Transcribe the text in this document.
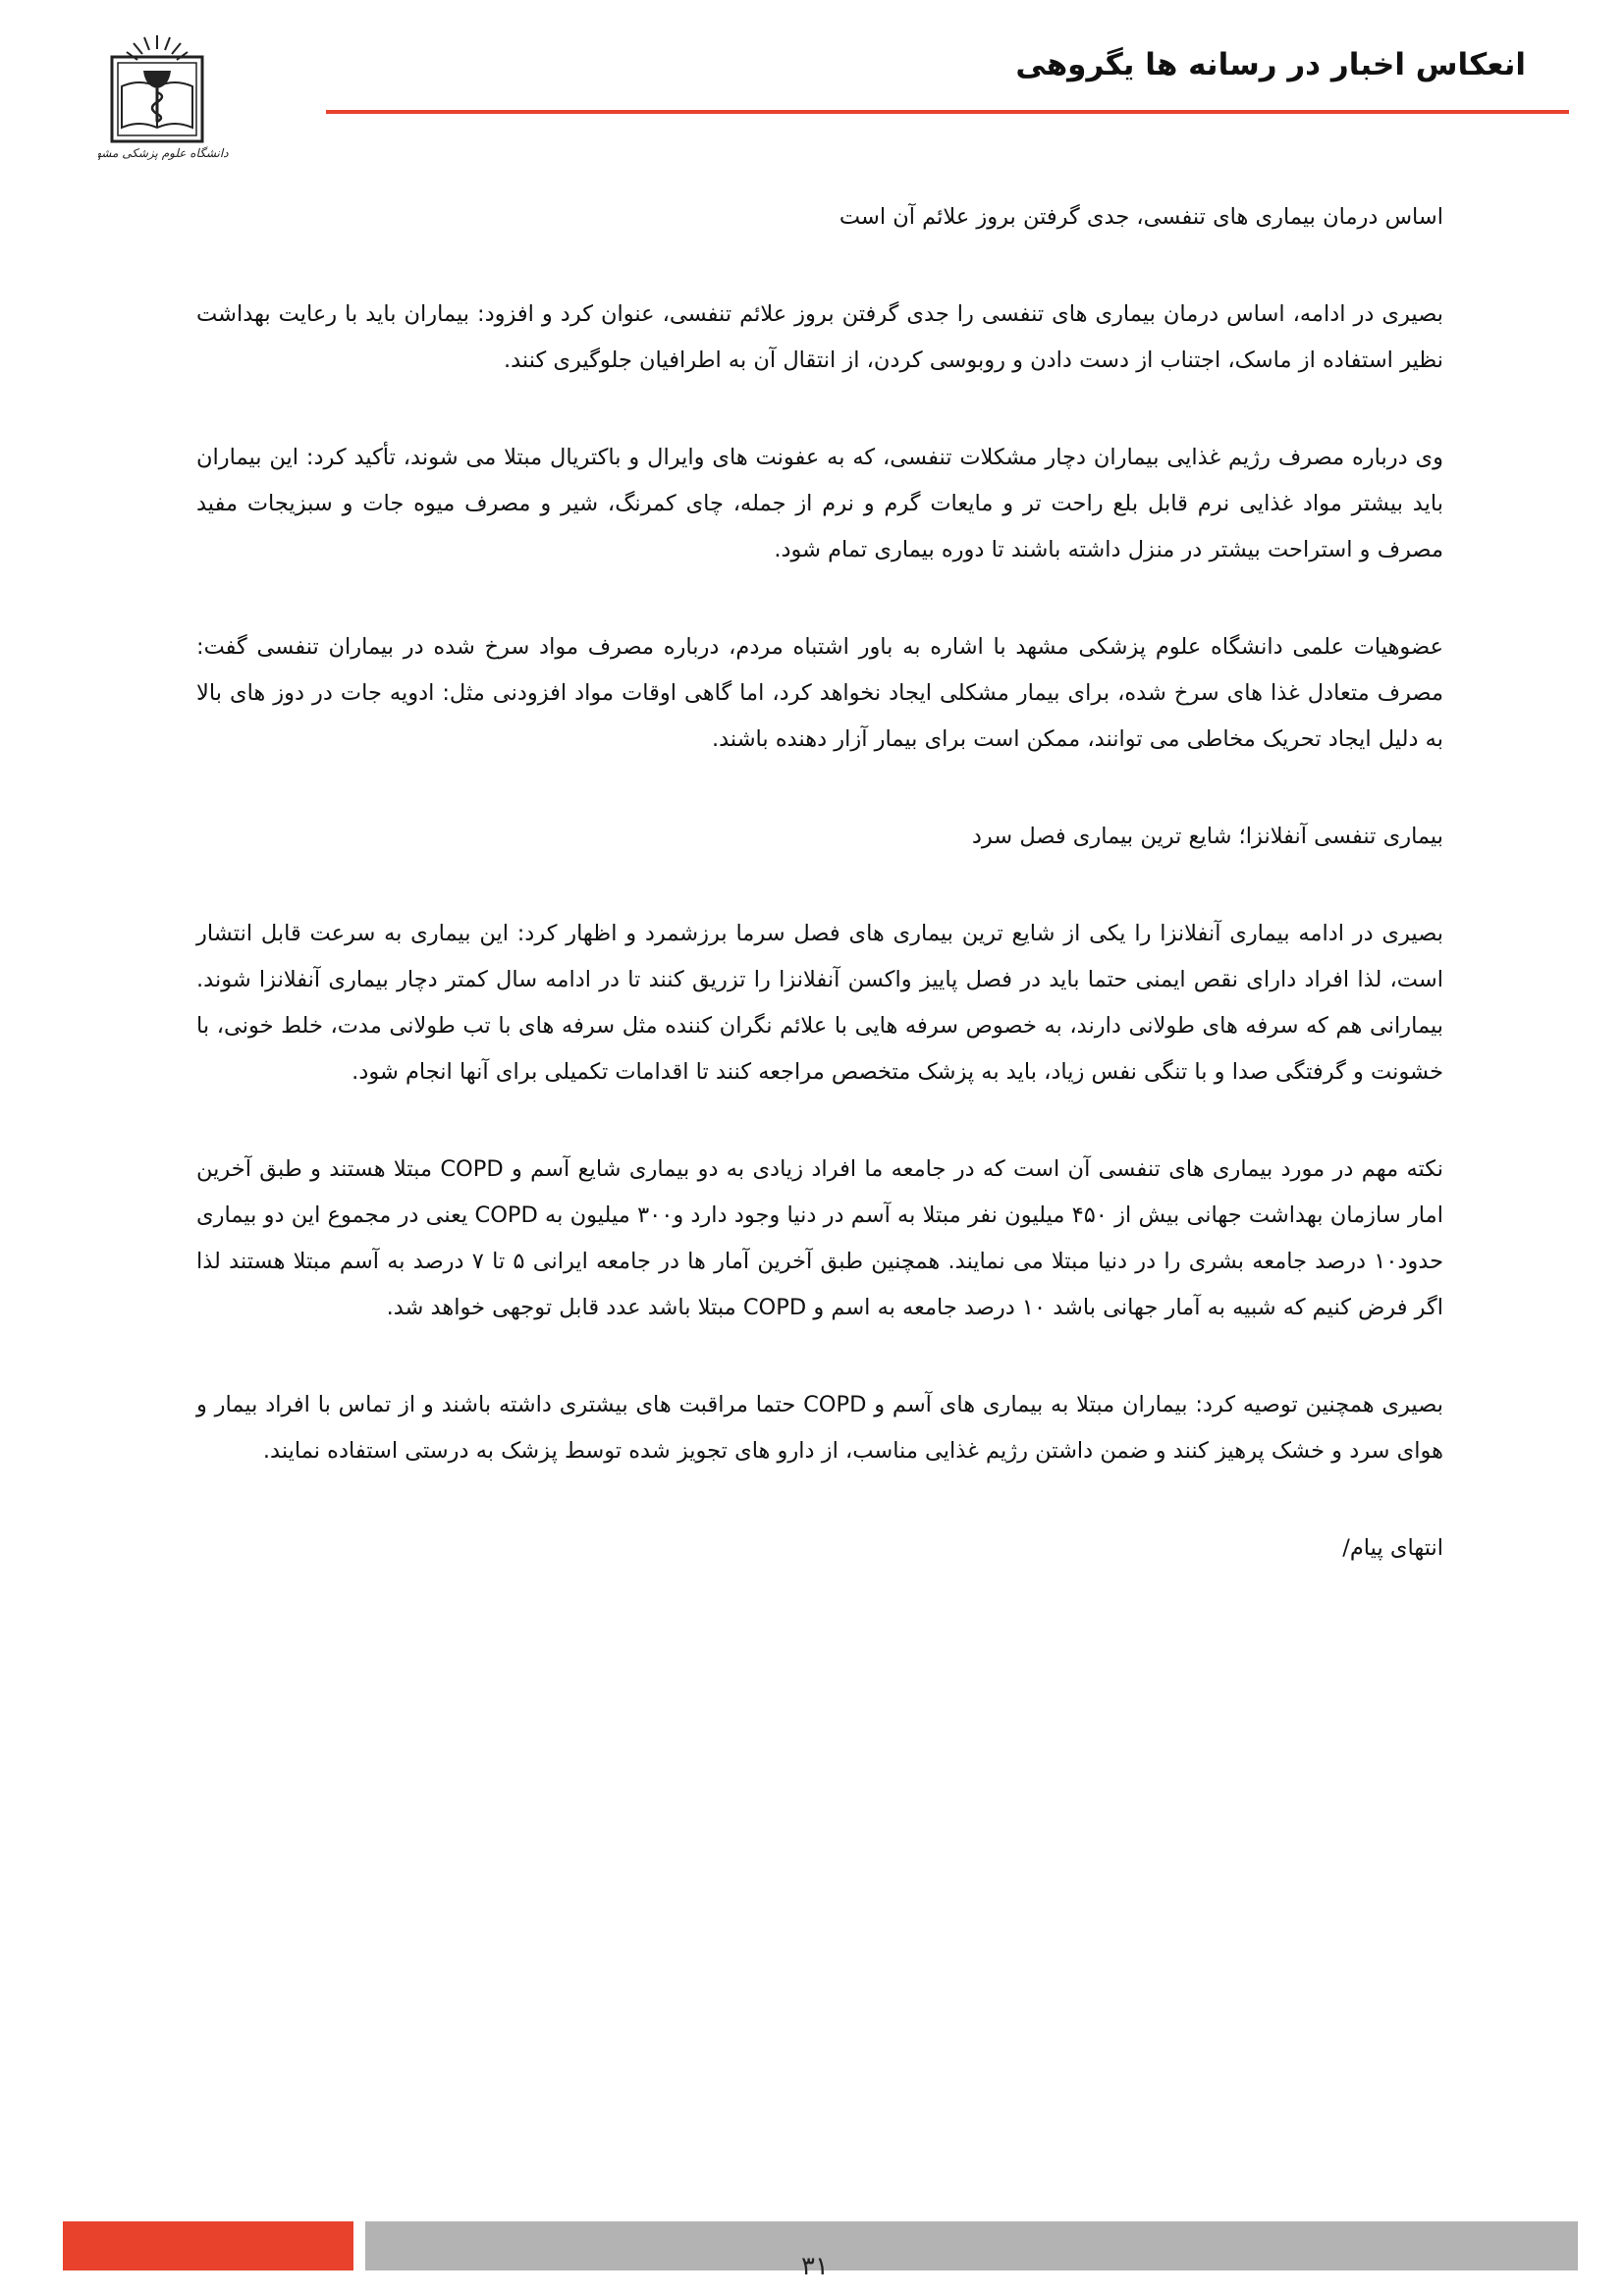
دانشگاه علوم پزشکی مشهد
انعکاس اخبار در رسانه ها یگروهی

اساس درمان بیماری های تنفسی، جدی گرفتن بروز علائم آن است

بصیری در ادامه، اساس درمان بیماری های تنفسی را جدی گرفتن بروز علائم تنفسی، عنوان کرد و افزود: بیماران باید با رعایت بهداشت نظیر استفاده از ماسک، اجتناب از دست دادن و روبوسی کردن، از انتقال آن به اطرافیان جلوگیری کنند.

وی درباره مصرف رژیم غذایی بیماران دچار مشکلات تنفسی، که به عفونت های وایرال و باکتریال مبتلا می شوند، تأکید کرد: این بیماران باید بیشتر مواد غذایی نرم قابل بلع راحت تر و مایعات گرم و نرم از جمله، چای کمرنگ، شیر و مصرف میوه جات و سبزیجات مفید مصرف و استراحت بیشتر در منزل داشته باشند تا دوره بیماری تمام شود.

عضوهیات علمی دانشگاه علوم پزشکی مشهد با اشاره به باور اشتباه مردم، درباره مصرف مواد سرخ شده در بیماران تنفسی گفت: مصرف متعادل غذا های سرخ شده، برای بیمار مشکلی ایجاد نخواهد کرد، اما گاهی اوقات مواد افزودنی مثل: ادویه جات در دوز های بالا به دلیل ایجاد تحریک مخاطی می توانند، ممکن است برای بیمار آزار دهنده باشند.

بیماری تنفسی آنفلانزا؛ شایع ترین بیماری فصل سرد

بصیری در ادامه بیماری آنفلانزا را یکی از شایع ترین بیماری های فصل سرما برزشمرد و اظهار کرد: این بیماری به سرعت قابل انتشار است، لذا افراد دارای نقص ایمنی حتما باید در فصل پاییز واکسن آنفلانزا را تزریق کنند تا در ادامه سال کمتر دچار بیماری آنفلانزا شوند. بیمارانی هم که سرفه های طولانی دارند، به خصوص سرفه هایی با علائم نگران کننده مثل سرفه های با تب طولانی مدت، خلط خونی، با خشونت و گرفتگی صدا و با تنگی نفس زیاد، باید به پزشک متخصص مراجعه کنند تا اقدامات تکمیلی برای آنها انجام شود.

نکته مهم در مورد بیماری های تنفسی آن است که در جامعه ما افراد زیادی به دو بیماری شایع آسم و COPD مبتلا هستند و طبق آخرین امار سازمان بهداشت جهانی بیش از ۴۵۰ میلیون نفر مبتلا به آسم در دنیا وجود دارد و۳۰۰ میلیون به COPD یعنی در مجموع این دو بیماری حدود۱۰ درصد جامعه بشری را در دنیا مبتلا می نمایند. همچنین طبق آخرین آمار ها در جامعه ایرانی ۵ تا ۷ درصد به آسم مبتلا هستند لذا اگر فرض کنیم که شبیه به آمار جهانی باشد ۱۰ درصد جامعه به اسم و COPD مبتلا باشد عدد قابل توجهی خواهد شد.

بصیری همچنین توصیه کرد: بیماران مبتلا به بیماری های آسم و COPD حتما مراقبت های بیشتری داشته باشند و از تماس با افراد بیمار و هوای سرد و خشک پرهیز کنند و ضمن داشتن رژیم غذایی مناسب، از دارو های تجویز شده توسط پزشک به درستی استفاده نمایند.

انتهای پیام/

۳۱
